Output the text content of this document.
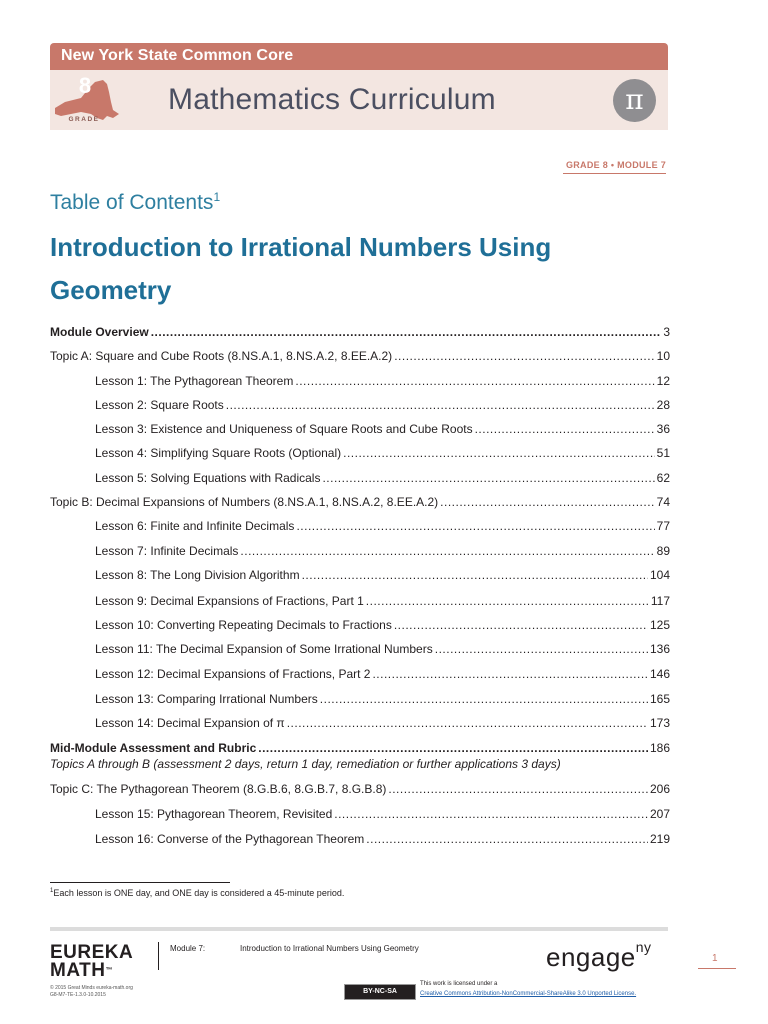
New York State Common Core
8
GRADE
Mathematics Curriculum	π
GRADE 8 • MODULE 7
Table of Contents$^1$
Introduction to Irrational Numbers Using Geometry
Module Overview .....	3
Topic A: Square and Cube Roots (8.NS.A.1, 8.NS.A.2, 8.EE.A.2) .....	10
Lesson 1: The Pythagorean Theorem .....	12
Lesson 2: Square Roots .....	28
Lesson 3: Existence and Uniqueness of Square Roots and Cube Roots .....	36
Lesson 4: Simplifying Square Roots (Optional) .....	51
Lesson 5: Solving Equations with Radicals .....	62
Topic B: Decimal Expansions of Numbers (8.NS.A.1, 8.NS.A.2, 8.EE.A.2) .....	74
Lesson 6: Finite and Infinite Decimals .....	77
Lesson 7: Infinite Decimals .....	89
Lesson 8: The Long Division Algorithm .....	104
Lesson 9: Decimal Expansions of Fractions, Part 1 .....	117
Lesson 10: Converting Repeating Decimals to Fractions .....	125
Lesson 11: The Decimal Expansion of Some Irrational Numbers .....	136
Lesson 12: Decimal Expansions of Fractions, Part 2 .....	146
Lesson 13: Comparing Irrational Numbers .....	165
Lesson 14: Decimal Expansion of π .....	173
Mid-Module Assessment and Rubric .....	186
Topics A through B (assessment 2 days, return 1 day, remediation or further applications 3 days)
Topic C: The Pythagorean Theorem (8.G.B.6, 8.G.B.7, 8.G.B.8) .....	206
Lesson 15: Pythagorean Theorem, Revisited .....	207
Lesson 16: Converse of the Pythagorean Theorem .....	219
$^1$Each lesson is ONE day, and ONE day is considered a 45-minute period.
EUREKA
MATH™
© 2015 Great Minds eureka-math.org
G8-M7-TE-1.3.0-10.2015
Module 7:	Introduction to Irrational Numbers Using Geometry	engage$^{ny}$
1
BY-NC-SA
This work is licensed under a
Creative Commons Attribution-NonCommercial-ShareAlike 3.0 Unported License.
